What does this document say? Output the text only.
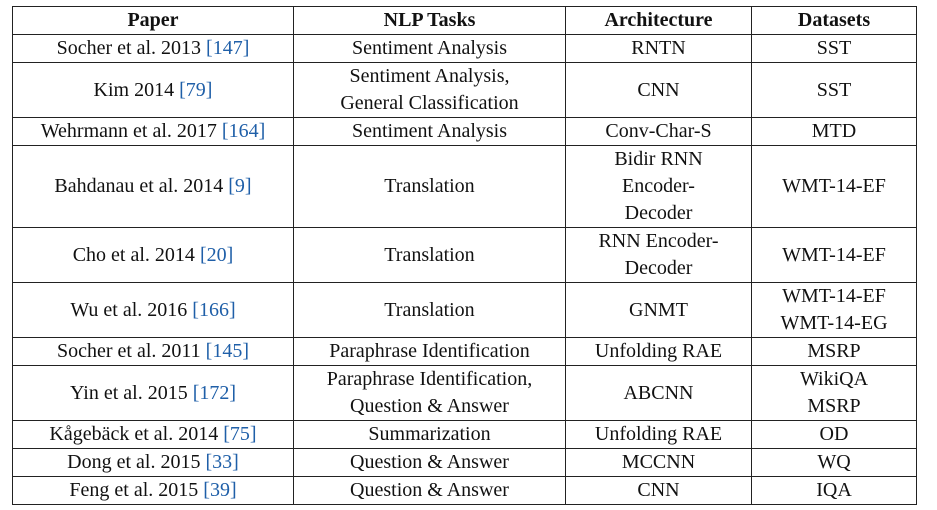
Paper	NLP Tasks	Architecture	Datasets
Socher et al. 2013 [147]	Sentiment Analysis	RNTN	SST

Kim 2014 [79]	Sentiment Analysis,
General Classification	CNN	SST

Wehrmann et al. 2017 [164]	Sentiment Analysis	Conv-Char-S	MTD

Bahdanau et al. 2014 [9]	Translation	Bidir RNN
Encoder-
Decoder	WMT-14-EF

Cho et al. 2014 [20]	Translation	RNN Encoder-
Decoder	WMT-14-EF

Wu et al. 2016 [166]	Translation	GNMT	WMT-14-EF
WMT-14-EG

Socher et al. 2011 [145]	Paraphrase Identification	Unfolding RAE	MSRP

Yin et al. 2015 [172]	Paraphrase Identification,
Question & Answer	ABCNN	WikiQA
MSRP

Kågebäck et al. 2014 [75]	Summarization	Unfolding RAE	OD

Dong et al. 2015 [33]	Question & Answer	MCCNN	WQ

Feng et al. 2015 [39]	Question & Answer	CNN	IQA
